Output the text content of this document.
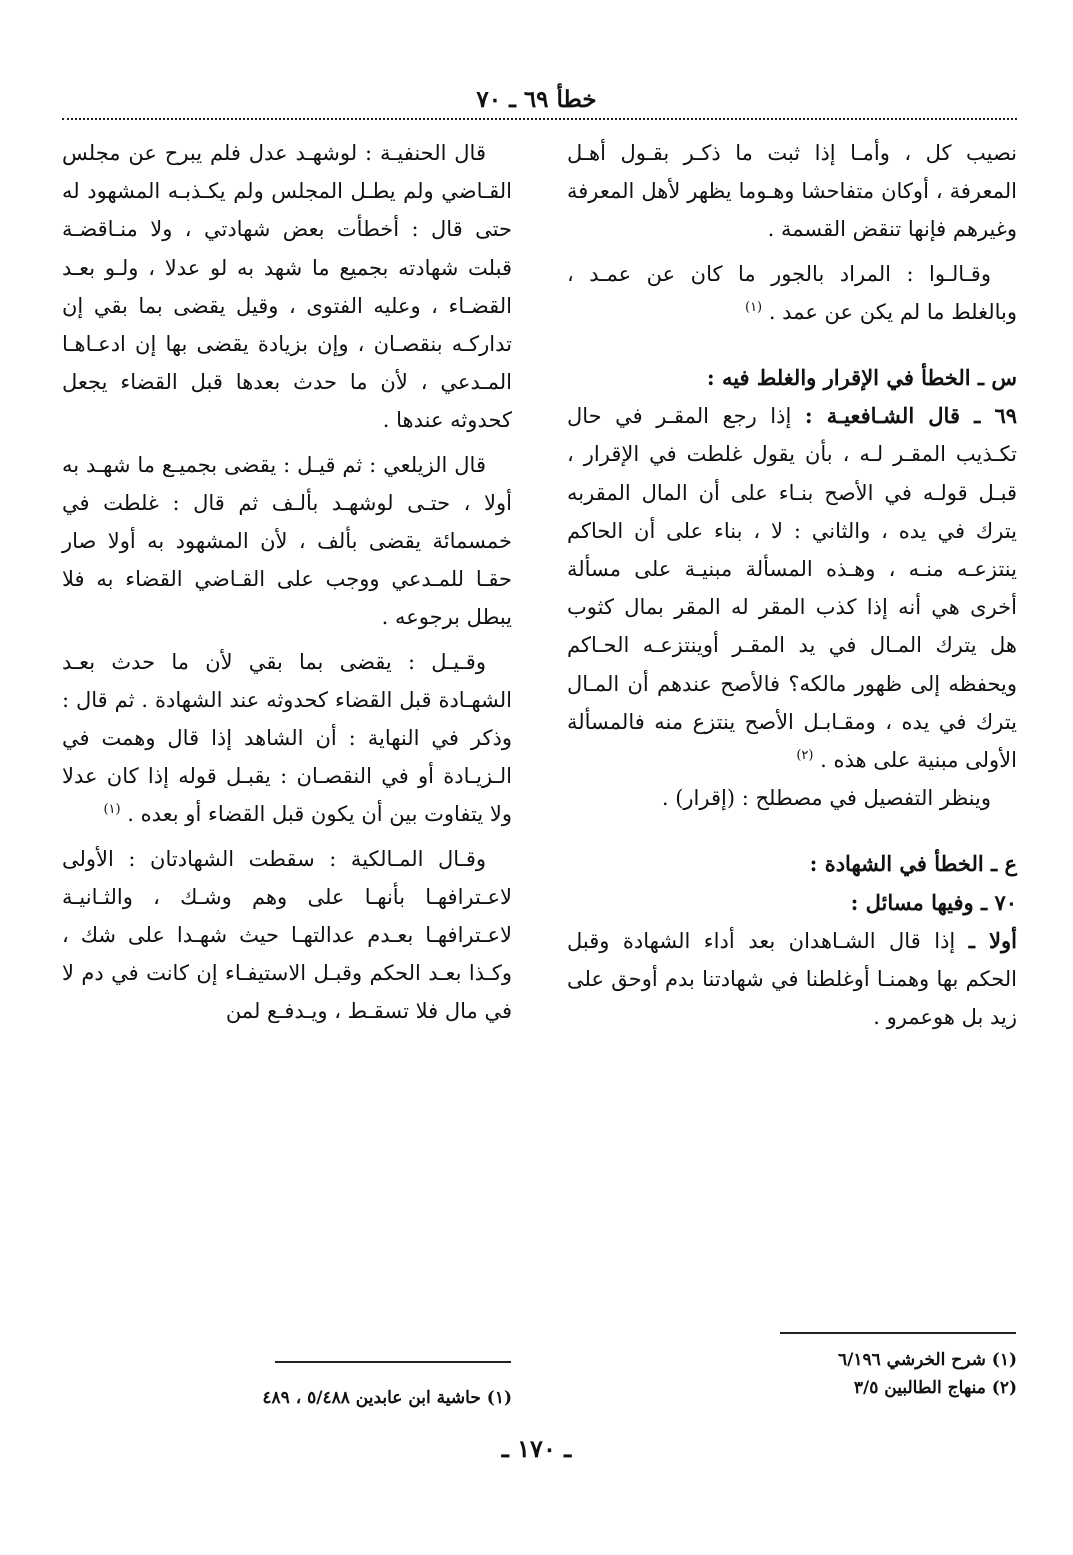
خطأ ٦٩ ـ ٧٠

نصيب كل ، وأمـا إذا ثبت ما ذكـر بقـول أهـل المعرفة ، أوكان متفاحشا وهـوما يظهر لأهل المعرفة وغيرهم فإنها تنقض القسمة .

وقـالـوا : المراد بالجور ما كان عن عمـد ، وبالغلط ما لم يكن عن عمد . $^{(١)}$

س ـ الخطأ في الإقرار والغلط فيه :

٦٩ ـ قال الشـافعيـة : إذا رجع المقـر في حال تكـذيب المقـر لـه ، بأن يقول غلطت في الإقرار ، قبـل قولـه في الأصح بنـاء على أن المال المقربه يترك في يده ، والثاني : لا ، بناء على أن الحاكم ينتزعـه منـه ، وهـذه المسألة مبنيـة على مسألة أخرى هي أنه إذا كذب المقر له المقر بمال كثوب هل يترك المـال في يد المقـر أوينتزعـه الحـاكم ويحفظه إلى ظهور مالكه؟ فالأصح عندهم أن المـال يترك في يده ، ومقـابـل الأصح ينتزع منه فالمسألة الأولى مبنية على هذه . $^{(٢)}$

وينظر التفصيل في مصطلح : (إقرار) .

ع ـ الخطأ في الشهادة :

٧٠ ـ وفيها مسائل :

أولا ـ إذا قال الشـاهدان بعد أداء الشهادة وقبل الحكم بها وهمنـا أوغلطنا في شهادتنا بدم أوحق على زيد بل هوعمرو .

قال الحنفيـة : لوشهـد عدل فلم يبرح عن مجلس القـاضي ولم يطـل المجلس ولم يكـذبـه المشهود له حتى قال : أخطأت بعض شهادتي ، ولا منـاقضـة قبلت شهادته بجميع ما شهد به لو عدلا ، ولـو بعـد القضـاء ، وعليه الفتوى ، وقيل يقضى بما بقي إن تداركـه بنقصـان ، وإن بزيادة يقضى بها إن ادعـاهـا المـدعي ، لأن ما حدث بعدها قبل القضاء يجعل كحدوثه عندها .

قال الزيلعي : ثم قيـل : يقضى بجميـع ما شهـد به أولا ، حتـى لوشهـد بألـف ثم قال : غلطت في خمسمائة يقضى بألف ، لأن المشهود به أولا صار حقـا للمـدعي ووجب على القـاضي القضاء به فلا يبطل برجوعه .

وقـيـل : يقضى بما بقي لأن ما حدث بعـد الشهـادة قبل القضاء كحدوثه عند الشهادة . ثم قال : وذكر في النهاية : أن الشاهد إذا قال وهمت في الـزيـادة أو في النقصـان : يقبـل قوله إذا كان عدلا ولا يتفاوت بين أن يكون قبل القضاء أو بعده . $^{(١)}$

وقـال المـالكية : سقطت الشهادتان : الأولى لاعـترافهـا بأنهـا على وهم وشـك ، والثـانيـة لاعـترافهـا بعـدم عدالتهـا حيث شهـدا على شك ، وكـذا بعـد الحكم وقبـل الاستيفـاء إن كانت في دم لا في مال فلا تسقـط ، ويـدفـع لمن

(١) شرح الخرشي ٦/١٩٦
(٢) منهاج الطالبين ٣/٥
(١) حاشية ابن عابدين ٥/٤٨٨ ، ٤٨٩
ـ ١٧٠ ـ
